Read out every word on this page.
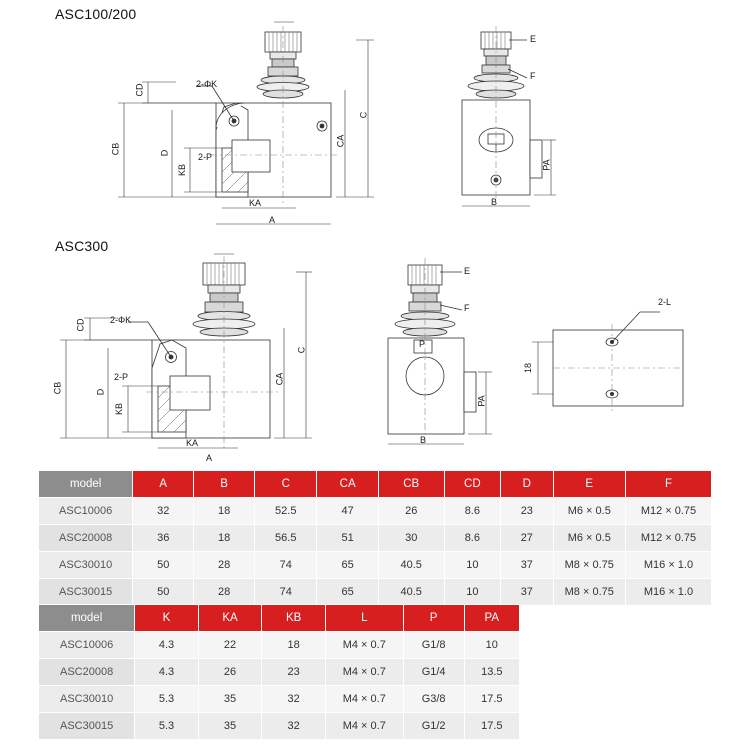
ASC100/200
ASC300
2-ΦK
CD
CB	D
KB
2-P
KA
A
CA
C
E
F
B
PA
2-ΦK
CD
CB	D
KB
2-P
KA
A
CA
C
E
F
P
B
PA
2-L
18
model	A	B	C	CA	CB	CD	D	E	F
ASC10006	32	18	52.5	47	26	8.6	23	M6 × 0.5	M12 × 0.75
ASC20008	36	18	56.5	51	30	8.6	27	M6 × 0.5	M12 × 0.75
ASC30010	50	28	74	65	40.5	10	37	M8 × 0.75	M16 × 1.0
ASC30015	50	28	74	65	40.5	10	37	M8 × 0.75	M16 × 1.0
model	K	KA	KB	L	P	PA
ASC10006	4.3	22	18	M4 × 0.7	G1/8	10
ASC20008	4.3	26	23	M4 × 0.7	G1/4	13.5
ASC30010	5.3	35	32	M4 × 0.7	G3/8	17.5
ASC30015	5.3	35	32	M4 × 0.7	G1/2	17.5
